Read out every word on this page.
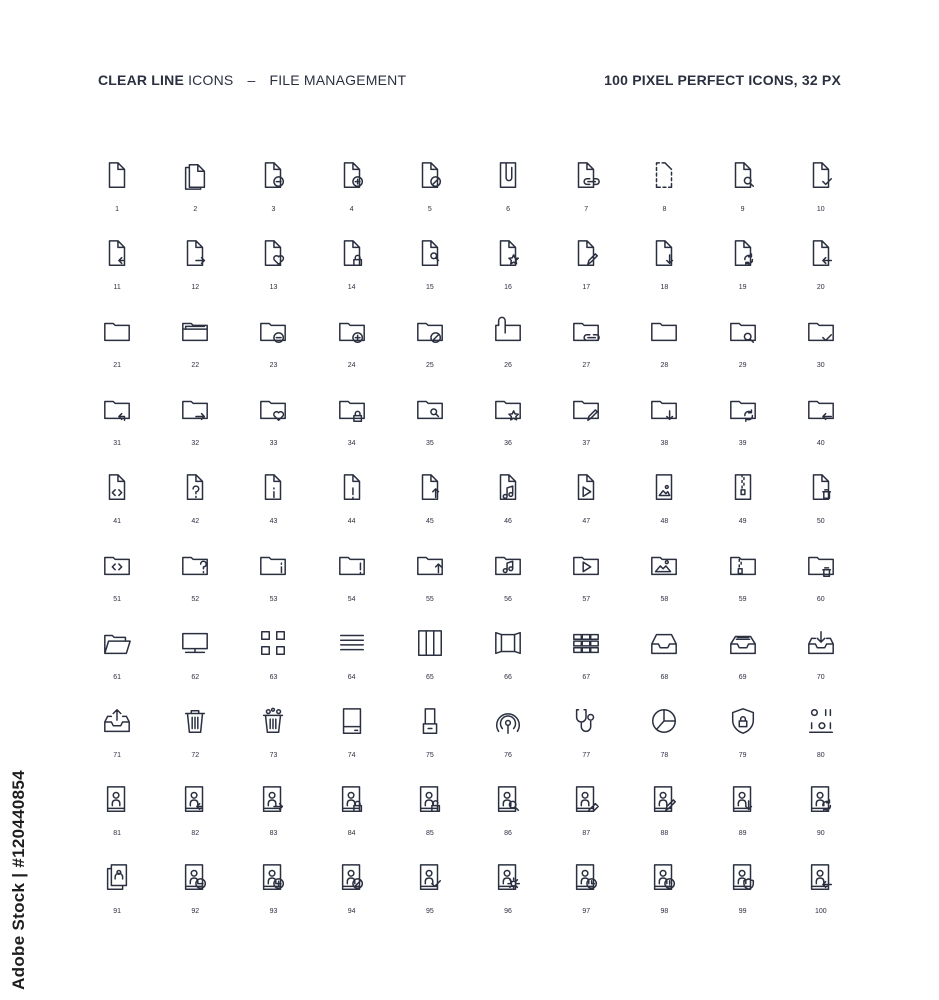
CLEAR LINE ICONS – FILE MANAGEMENT	100 PIXEL PERFECT ICONS, 32 PX
1	2	3	4	5	6	7	8	9	10
11	12	13	14	15	16	17	18	19	20
21	22	23	24	25	26	27	28	29	30
31	32	33	34	35	36	37	38	39	40
41	42	43	44	45	46	47	48	49	50
51	52	53	54	55	56	57	58	59	60
61	62	63	64	65	66	67	68	69	70
71	72	73	74	75	76	77	78	79	80
81	82	83	84	85	86	87	88	89	90
91	92	93	94	95	96	97	98	99	100
Adobe Stock | #120440854
